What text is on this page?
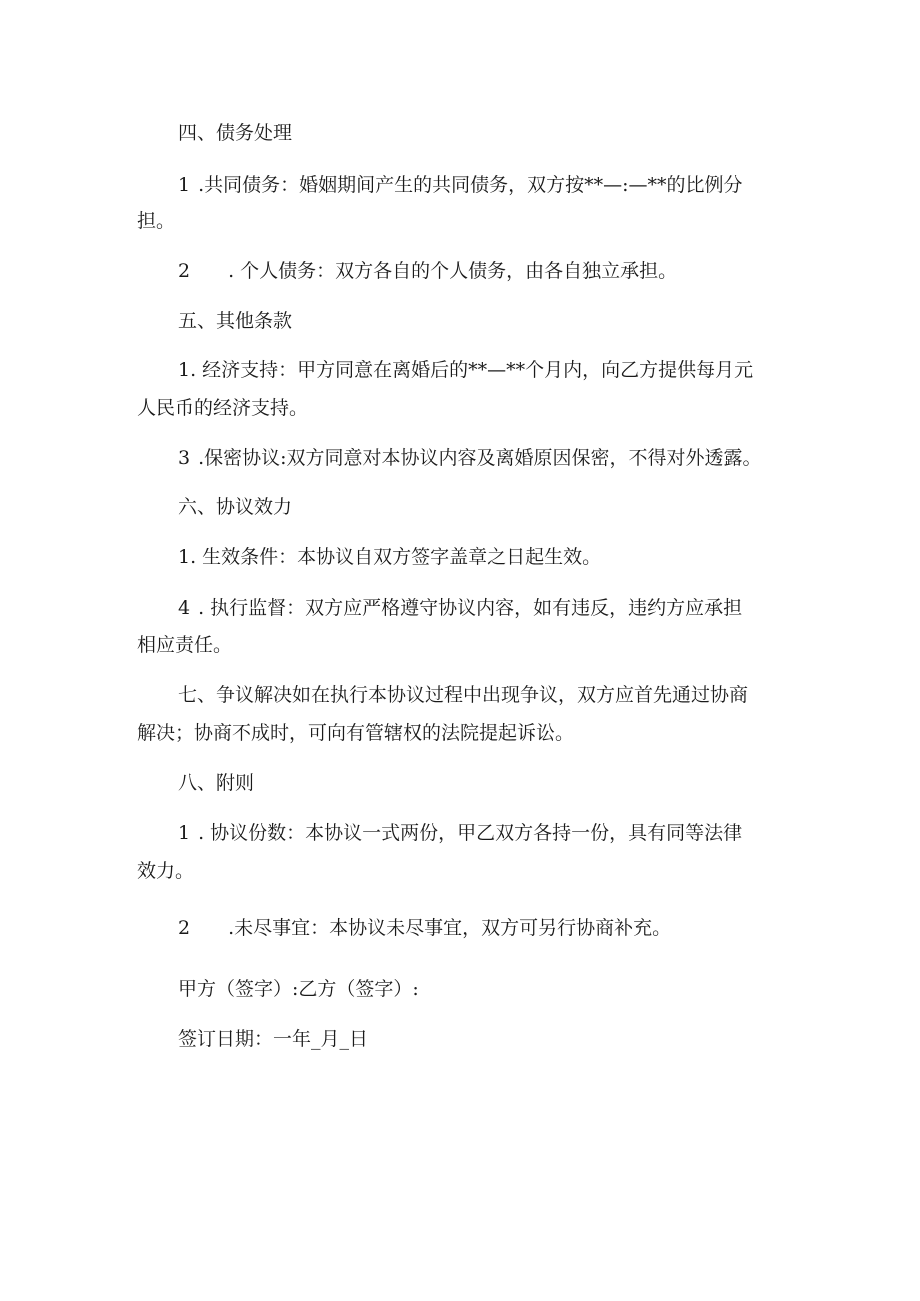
四、债务处理
1 .共同债务：婚姻期间产生的共同债务，双方按**—:—**的比例分
担。
2 . 个人债务：双方各自的个人债务，由各自独立承担。
五、其他条款
1. 经济支持：甲方同意在离婚后的**—**个月内，向乙方提供每月元
人民币的经济支持。
3 .保密协议:双方同意对本协议内容及离婚原因保密，不得对外透露。
六、协议效力
1. 生效条件：本协议自双方签字盖章之日起生效。
4 . 执行监督：双方应严格遵守协议内容，如有违反，违约方应承担
相应责任。
七、争议解决如在执行本协议过程中出现争议，双方应首先通过协商
解决；协商不成时，可向有管辖权的法院提起诉讼。
八、附则
1 . 协议份数：本协议一式两份，甲乙双方各持一份，具有同等法律
效力。
2 .未尽事宜：本协议未尽事宜，双方可另行协商补充。
甲方（签字）:乙方（签字）:
签订日期：一年_月_日
